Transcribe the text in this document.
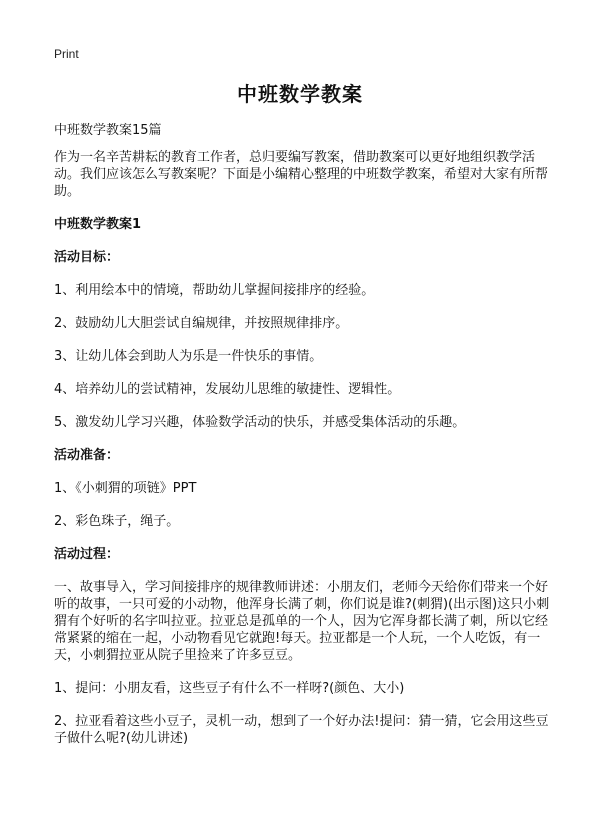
Print
中班数学教案
中班数学教案15篇
作为一名辛苦耕耘的教育工作者，总归要编写教案，借助教案可以更好地组织教学活动。我们应该怎么写教案呢？下面是小编精心整理的中班数学教案，希望对大家有所帮助。
中班数学教案1
活动目标：
1、利用绘本中的情境，帮助幼儿掌握间接排序的经验。
2、鼓励幼儿大胆尝试自编规律，并按照规律排序。
3、让幼儿体会到助人为乐是一件快乐的事情。
4、培养幼儿的尝试精神，发展幼儿思维的敏捷性、逻辑性。
5、激发幼儿学习兴趣，体验数学活动的快乐，并感受集体活动的乐趣。
活动准备：
1、《小刺猬的项链》PPT
2、彩色珠子，绳子。
活动过程：
一、故事导入，学习间接排序的规律教师讲述：小朋友们，老师今天给你们带来一个好听的故事，一只可爱的小动物，他浑身长满了刺，你们说是谁?(刺猬)(出示图)这只小刺猬有个好听的名字叫拉亚。拉亚总是孤单的一个人，因为它浑身都长满了刺，所以它经常紧紧的缩在一起，小动物看见它就跑!每天。拉亚都是一个人玩，一个人吃饭，有一天，小刺猬拉亚从院子里捡来了许多豆豆。
1、提问：小朋友看，这些豆子有什么不一样呀?(颜色、大小)
2、拉亚看着这些小豆子，灵机一动，想到了一个好办法!提问：猜一猜，它会用这些豆子做什么呢?(幼儿讲述)
